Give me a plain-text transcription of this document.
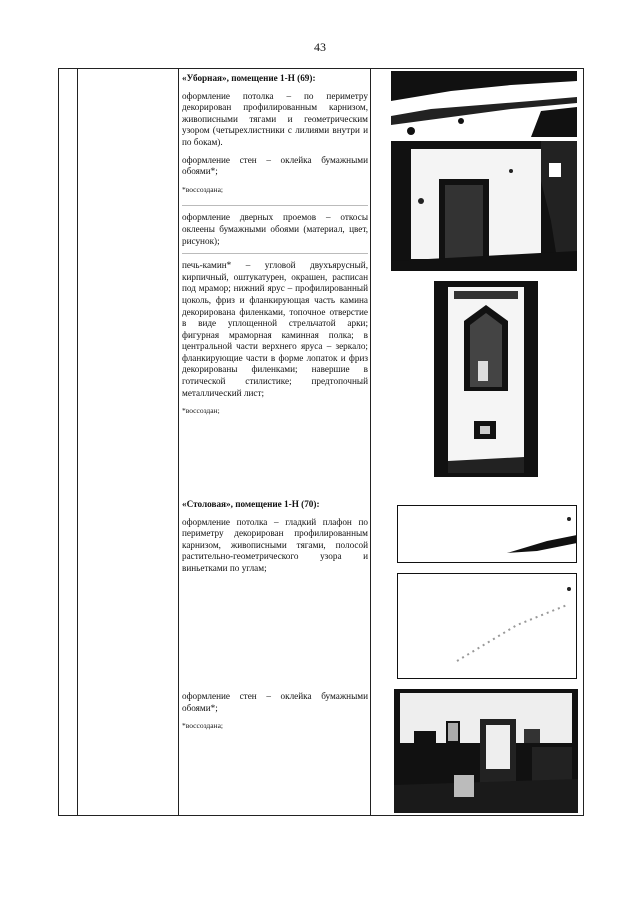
43

«Уборная», помещение 1-Н (69):

оформление потолка – по периметру декорирован профилированным карнизом, живописными тягами и геометрическим узором (четырехлистники с лилиями внутри и по бокам).

оформление стен – оклейка бумажными обоями*;

*воссоздана;

оформление дверных проемов – откосы оклеены бумажными обоями (материал, цвет, рисунок);

печь-камин* – угловой двухъярусный, кирпичный, оштукатурен, окрашен, расписан под мрамор; нижний ярус – профилированный цоколь, фриз и фланкирующая часть камина декорирована филенками, топочное отверстие в виде уплощенной стрельчатой арки; фигурная мраморная каминная полка; в центральной части верхнего яруса – зеркало; фланкирующие части в форме лопаток и фриз декорированы филенками; навершие в готической стилистике; предтопочный металлический лист;

*воссоздан;

«Столовая», помещение 1-Н (70):

оформление потолка – гладкий плафон по периметру декорирован профилированным карнизом, живописными тягами, полосой растительно-геометрического узора и виньетками по углам;

оформление стен – оклейка бумажными обоями*;

*воссоздана;
